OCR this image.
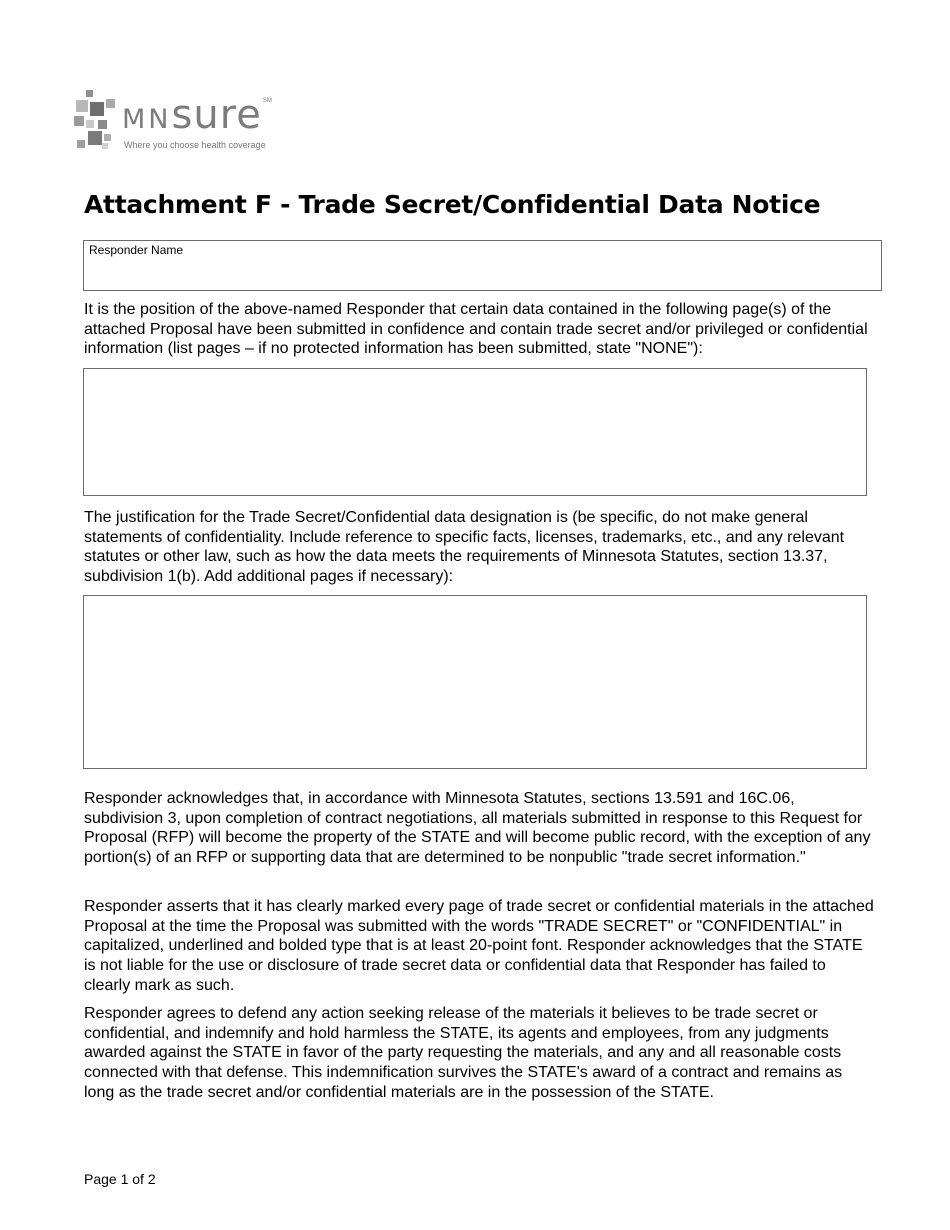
MNsure℠
Where you choose health coverage
Attachment F - Trade Secret/Confidential Data Notice
Responder Name

It is the position of the above-named Responder that certain data contained in the following page(s) of the attached Proposal have been submitted in confidence and contain trade secret and/or privileged or confidential information (list pages – if no protected information has been submitted, state "NONE"):

The justification for the Trade Secret/Confidential data designation is (be specific, do not make general statements of confidentiality. Include reference to specific facts, licenses, trademarks, etc., and any relevant statutes or other law, such as how the data meets the requirements of Minnesota Statutes, section 13.37, subdivision 1(b). Add additional pages if necessary):

Responder acknowledges that, in accordance with Minnesota Statutes, sections 13.591 and 16C.06, subdivision 3, upon completion of contract negotiations, all materials submitted in response to this Request for Proposal (RFP) will become the property of the STATE and will become public record, with the exception of any portion(s) of an RFP or supporting data that are determined to be nonpublic "trade secret information."

Responder asserts that it has clearly marked every page of trade secret or confidential materials in the attached Proposal at the time the Proposal was submitted with the words "TRADE SECRET" or "CONFIDENTIAL" in capitalized, underlined and bolded type that is at least 20-point font. Responder acknowledges that the STATE is not liable for the use or disclosure of trade secret data or confidential data that Responder has failed to clearly mark as such.

Responder agrees to defend any action seeking release of the materials it believes to be trade secret or confidential, and indemnify and hold harmless the STATE, its agents and employees, from any judgments awarded against the STATE in favor of the party requesting the materials, and any and all reasonable costs connected with that defense. This indemnification survives the STATE's award of a contract and remains as long as the trade secret and/or confidential materials are in the possession of the STATE.

Page 1 of 2
